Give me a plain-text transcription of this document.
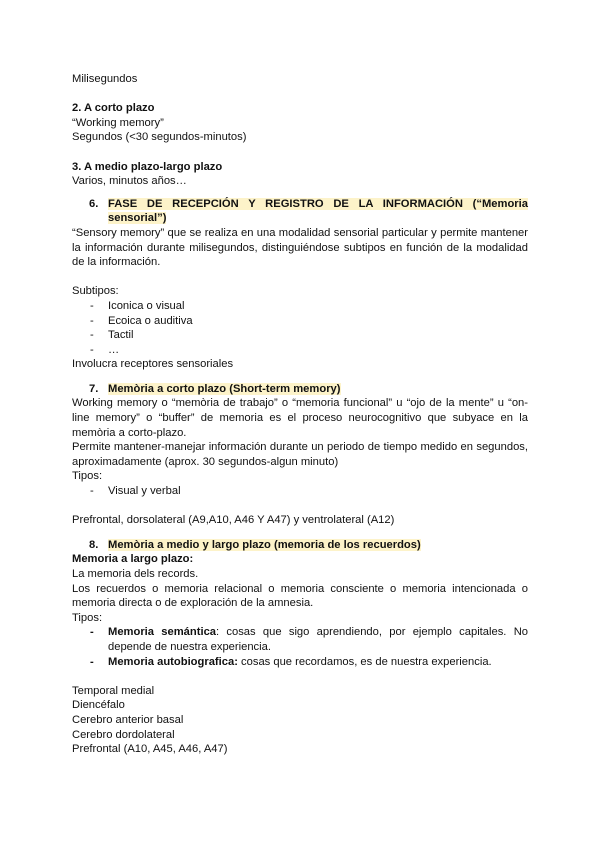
Milisegundos

2. A corto plazo

“Working memory”

Segundos (<30 segundos-minutos)

3. A medio plazo-largo plazo

Varios, minutos años…

6. FASE DE RECEPCIÓN Y REGISTRO DE LA INFORMACIÓN (“Memoria sensorial”)

“Sensory memory” que se realiza en una modalidad sensorial particular y permite mantener la información durante milisegundos, distinguiéndose subtipos en función de la modalidad de la información.

Subtipos:

-	Iconica o visual
-	Ecoica o auditiva
-	Tactil
-	…

Involucra receptores sensoriales

7. Memòria a corto plazo (Short-term memory)

Working memory o “memòria de trabajo” o “memoria funcional” u “ojo de la mente” u “on-line memory” o “buffer” de memoria es el proceso neurocognitivo que subyace en la memòria a corto-plazo.

Permite mantener-manejar información durante un periodo de tiempo medido en segundos, aproximadamente (aprox. 30 segundos-algun minuto)

Tipos:

-	Visual y verbal

Prefrontal, dorsolateral (A9,A10, A46 Y A47) y ventrolateral (A12)

8. Memòria a medio y largo plazo (memoria de los recuerdos)

Memoria a largo plazo:

La memoria dels records.

Los recuerdos o memoria relacional o memoria consciente o memoria intencionada o memoria directa o de exploración de la amnesia.

Tipos:

-	Memoria semántica: cosas que sigo aprendiendo, por ejemplo capitales. No depende de nuestra experiencia.
-	Memoria autobiografica: cosas que recordamos, es de nuestra experiencia.

Temporal medial

Diencéfalo

Cerebro anterior basal

Cerebro dordolateral

Prefrontal (A10, A45, A46, A47)
